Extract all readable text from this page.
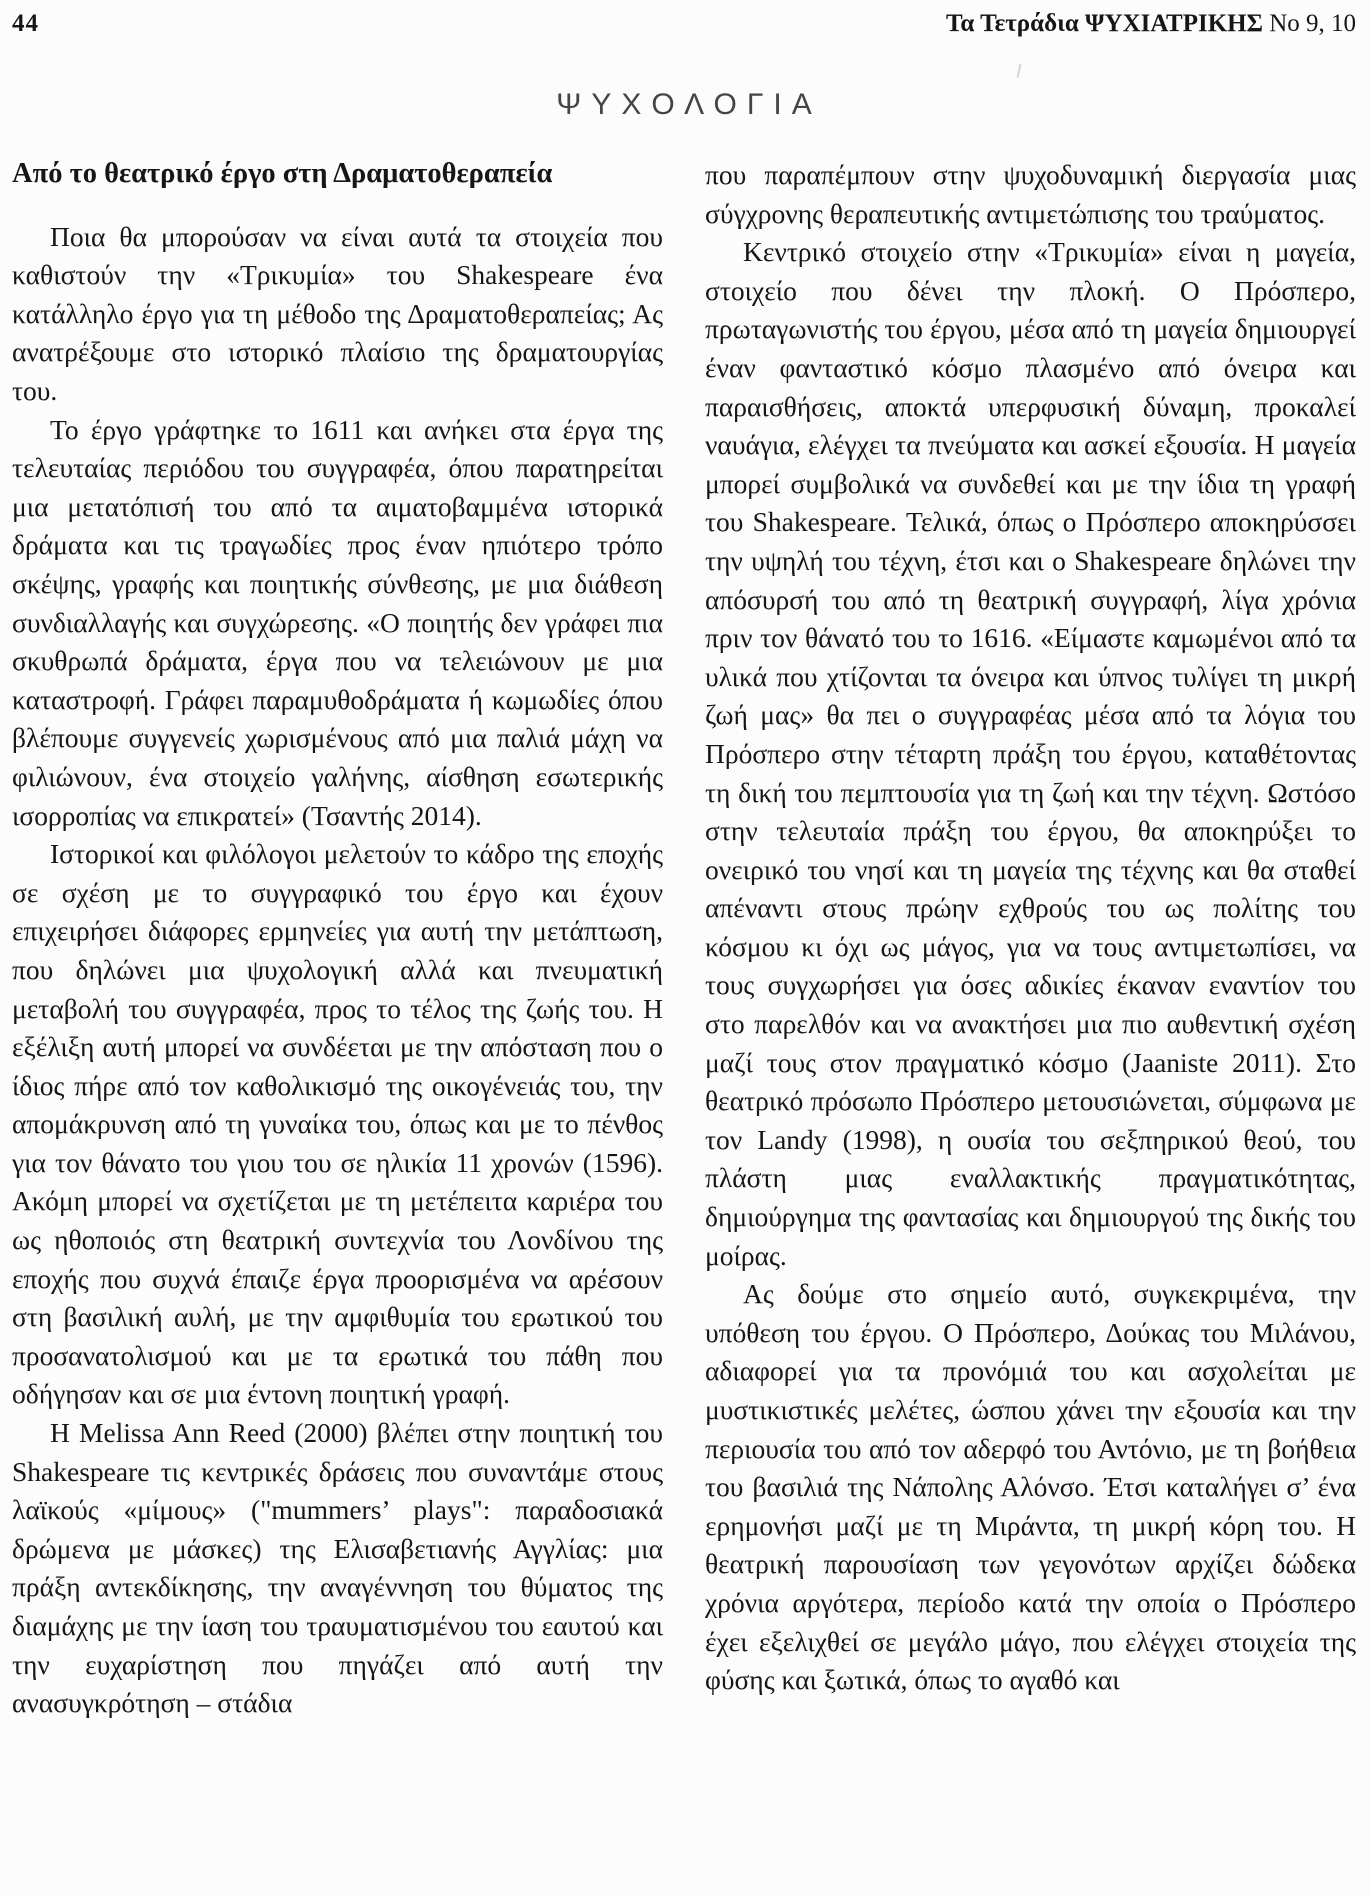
44	Τα Τετράδια ΨΥΧΙΑΤΡΙΚΗΣ Νο 9, 10
ΨΥΧΟΛΟΓΙΑ
Από το θεατρικό έργο στη Δραματοθεραπεία

Ποια θα μπορούσαν να είναι αυτά τα στοιχεία που καθιστούν την «Τρικυμία» του Shakespeare ένα κατάλληλο έργο για τη μέθοδο της Δραματοθεραπείας; Ας ανατρέξουμε στο ιστορικό πλαίσιο της δραματουργίας του.

Το έργο γράφτηκε το 1611 και ανήκει στα έργα της τελευταίας περιόδου του συγγραφέα, όπου παρατηρείται μια μετατόπισή του από τα αιματοβαμμένα ιστορικά δράματα και τις τραγωδίες προς έναν ηπιότερο τρόπο σκέψης, γραφής και ποιητικής σύνθεσης, με μια διάθεση συνδιαλλαγής και συγχώρεσης. «Ο ποιητής δεν γράφει πια σκυθρωπά δράματα, έργα που να τελειώνουν με μια καταστροφή. Γράφει παραμυθοδράματα ή κωμωδίες όπου βλέπουμε συγγενείς χωρισμένους από μια παλιά μάχη να φιλιώνουν, ένα στοιχείο γαλήνης, αίσθηση εσωτερικής ισορροπίας να επικρατεί» (Τσαντής 2014).

Ιστορικοί και φιλόλογοι μελετούν το κάδρο της εποχής σε σχέση με το συγγραφικό του έργο και έχουν επιχειρήσει διάφορες ερμηνείες για αυτή την μετάπτωση, που δηλώνει μια ψυχολογική αλλά και πνευματική μεταβολή του συγγραφέα, προς το τέλος της ζωής του. Η εξέλιξη αυτή μπορεί να συνδέεται με την απόσταση που ο ίδιος πήρε από τον καθολικισμό της οικογένειάς του, την απομάκρυνση από τη γυναίκα του, όπως και με το πένθος για τον θάνατο του γιου του σε ηλικία 11 χρονών (1596). Ακόμη μπορεί να σχετίζεται με τη μετέπειτα καριέρα του ως ηθοποιός στη θεατρική συντεχνία του Λονδίνου της εποχής που συχνά έπαιζε έργα προορισμένα να αρέσουν στη βασιλική αυλή, με την αμφιθυμία του ερωτικού του προσανατολισμού και με τα ερωτικά του πάθη που οδήγησαν και σε μια έντονη ποιητική γραφή.

Η Melissa Ann Reed (2000) βλέπει στην ποιητική του Shakespeare τις κεντρικές δράσεις που συναντάμε στους λαϊκούς «μίμους» ("mummers’ plays": παραδοσιακά δρώμενα με μάσκες) της Ελισαβετιανής Αγγλίας: μια πράξη αντεκδίκησης, την αναγέννηση του θύματος της διαμάχης με την ίαση του τραυματισμένου του εαυτού και την ευχαρίστηση που πηγάζει από αυτή την ανασυγκρότηση – στάδια

που παραπέμπουν στην ψυχοδυναμική διεργασία μιας σύγχρονης θεραπευτικής αντιμετώπισης του τραύματος.

Κεντρικό στοιχείο στην «Τρικυμία» είναι η μαγεία, στοιχείο που δένει την πλοκή. Ο Πρόσπερο, πρωταγωνιστής του έργου, μέσα από τη μαγεία δημιουργεί έναν φανταστικό κόσμο πλασμένο από όνειρα και παραισθήσεις, αποκτά υπερφυσική δύναμη, προκαλεί ναυάγια, ελέγχει τα πνεύματα και ασκεί εξουσία. Η μαγεία μπορεί συμβολικά να συνδεθεί και με την ίδια τη γραφή του Shakespeare. Τελικά, όπως ο Πρόσπερο αποκηρύσσει την υψηλή του τέχνη, έτσι και ο Shakespeare δηλώνει την απόσυρσή του από τη θεατρική συγγραφή, λίγα χρόνια πριν τον θάνατό του το 1616. «Είμαστε καμωμένοι από τα υλικά που χτίζονται τα όνειρα και ύπνος τυλίγει τη μικρή ζωή μας» θα πει ο συγγραφέας μέσα από τα λόγια του Πρόσπερο στην τέταρτη πράξη του έργου, καταθέτοντας τη δική του πεμπτουσία για τη ζωή και την τέχνη. Ωστόσο στην τελευταία πράξη του έργου, θα αποκηρύξει το ονειρικό του νησί και τη μαγεία της τέχνης και θα σταθεί απέναντι στους πρώην εχθρούς του ως πολίτης του κόσμου κι όχι ως μάγος, για να τους αντιμετωπίσει, να τους συγχωρήσει για όσες αδικίες έκαναν εναντίον του στο παρελθόν και να ανακτήσει μια πιο αυθεντική σχέση μαζί τους στον πραγματικό κόσμο (Jaaniste 2011). Στο θεατρικό πρόσωπο Πρόσπερο μετουσιώνεται, σύμφωνα με τον Landy (1998), η ουσία του σεξπηρικού θεού, του πλάστη μιας εναλλακτικής πραγματικότητας, δημιούργημα της φαντασίας και δημιουργού της δικής του μοίρας.

Ας δούμε στο σημείο αυτό, συγκεκριμένα, την υπόθεση του έργου. Ο Πρόσπερο, Δούκας του Μιλάνου, αδιαφορεί για τα προνόμιά του και ασχολείται με μυστικιστικές μελέτες, ώσπου χάνει την εξουσία και την περιουσία του από τον αδερφό του Αντόνιο, με τη βοήθεια του βασιλιά της Νάπολης Αλόνσο. Έτσι καταλήγει σ’ ένα ερημονήσι μαζί με τη Μιράντα, τη μικρή κόρη του. Η θεατρική παρουσίαση των γεγονότων αρχίζει δώδεκα χρόνια αργότερα, περίοδο κατά την οποία ο Πρόσπερο έχει εξελιχθεί σε μεγάλο μάγο, που ελέγχει στοιχεία της φύσης και ξωτικά, όπως το αγαθό και
